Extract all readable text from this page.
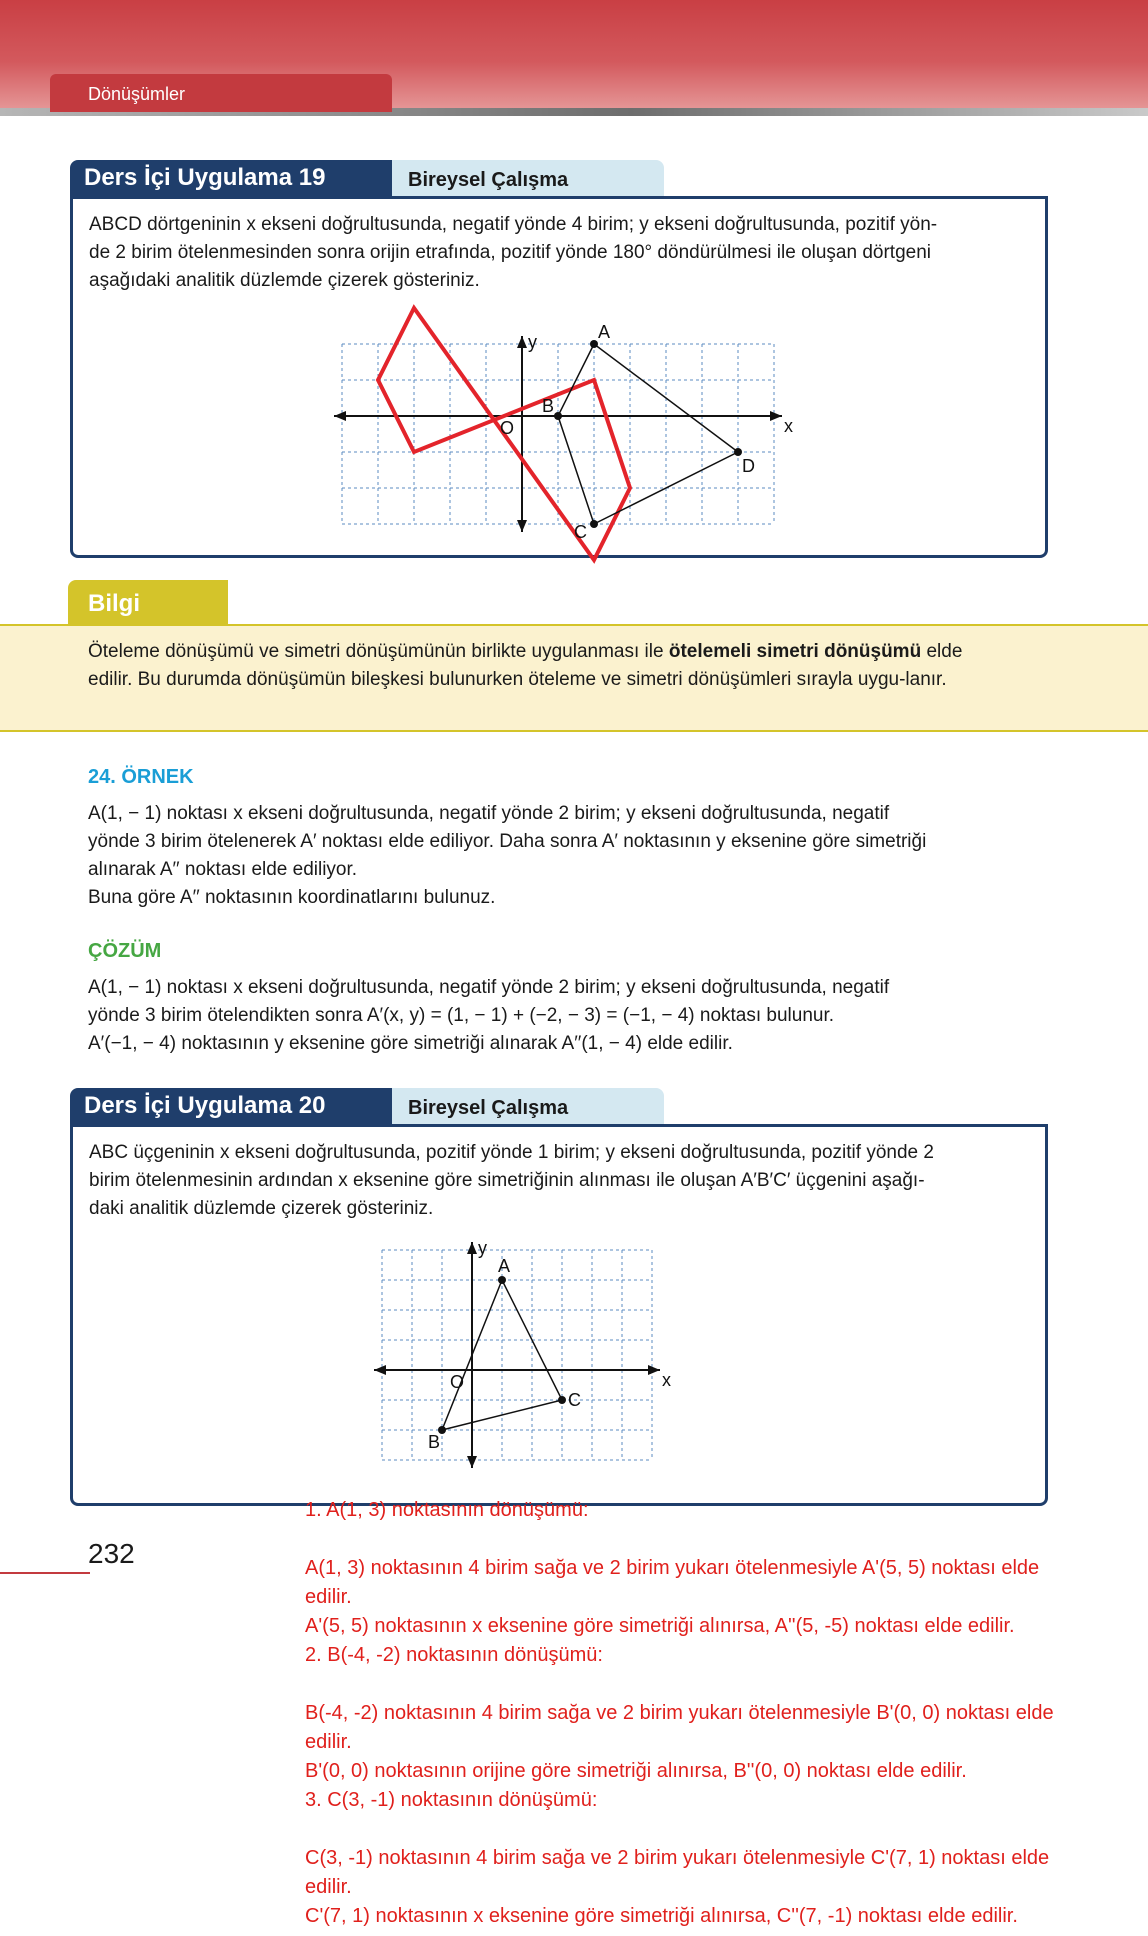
Dönüşümler
Ders İçi Uygulama 19	Bireysel Çalışma
ABCD dörtgeninin x ekseni doğrultusunda, negatif yönde 4 birim; y ekseni doğrultusunda, pozitif yön-
de 2 birim ötelenmesinden sonra orijin etrafında, pozitif yönde 180° döndürülmesi ile oluşan dörtgeni
aşağıdaki analitik düzlemde çizerek gösteriniz.
x
y
O
A
B
C
D
Bilgi
Öteleme dönüşümü ve simetri dönüşümünün birlikte uygulanması ile ötelemeli simetri dönüşümü elde edilir. Bu durumda dönüşümün bileşkesi bulunurken öteleme ve simetri dönüşümleri sırayla uygu-lanır.
24. ÖRNEK
A(1, − 1) noktası x ekseni doğrultusunda, negatif yönde 2 birim; y ekseni doğrultusunda, negatif
yönde 3 birim ötelenerek A′ noktası elde ediliyor. Daha sonra A′ noktasının y eksenine göre simetriği
alınarak A′′ noktası elde ediliyor.
Buna göre A′′ noktasının koordinatlarını bulunuz.
ÇÖZÜM
A(1, − 1) noktası x ekseni doğrultusunda, negatif yönde 2 birim; y ekseni doğrultusunda, negatif
yönde 3 birim ötelendikten sonra A′(x, y) = (1, − 1) + (−2, − 3) = (−1, − 4) noktası bulunur.
A′(−1, − 4) noktasının y eksenine göre simetriği alınarak A′′(1, − 4) elde edilir.
Ders İçi Uygulama 20	Bireysel Çalışma
ABC üçgeninin x ekseni doğrultusunda, pozitif yönde 1 birim; y ekseni doğrultusunda, pozitif yönde 2
birim ötelenmesinin ardından x eksenine göre simetriğinin alınması ile oluşan A′B′C′ üçgenini aşağı-
daki analitik düzlemde çizerek gösteriniz.
x
y
O
A
B
C
232
1. A(1, 3) noktasının dönüşümü:
A(1, 3) noktasının 4 birim sağa ve 2 birim yukarı ötelenmesiyle A'(5, 5) noktası elde
edilir.
A'(5, 5) noktasının x eksenine göre simetriği alınırsa, A''(5, -5) noktası elde edilir.
2. B(-4, -2) noktasının dönüşümü:
B(-4, -2) noktasının 4 birim sağa ve 2 birim yukarı ötelenmesiyle B'(0, 0) noktası elde
edilir.
B'(0, 0) noktasının orijine göre simetriği alınırsa, B''(0, 0) noktası elde edilir.
3. C(3, -1) noktasının dönüşümü:
C(3, -1) noktasının 4 birim sağa ve 2 birim yukarı ötelenmesiyle C'(7, 1) noktası elde
edilir.
C'(7, 1) noktasının x eksenine göre simetriği alınırsa, C''(7, -1) noktası elde edilir.
